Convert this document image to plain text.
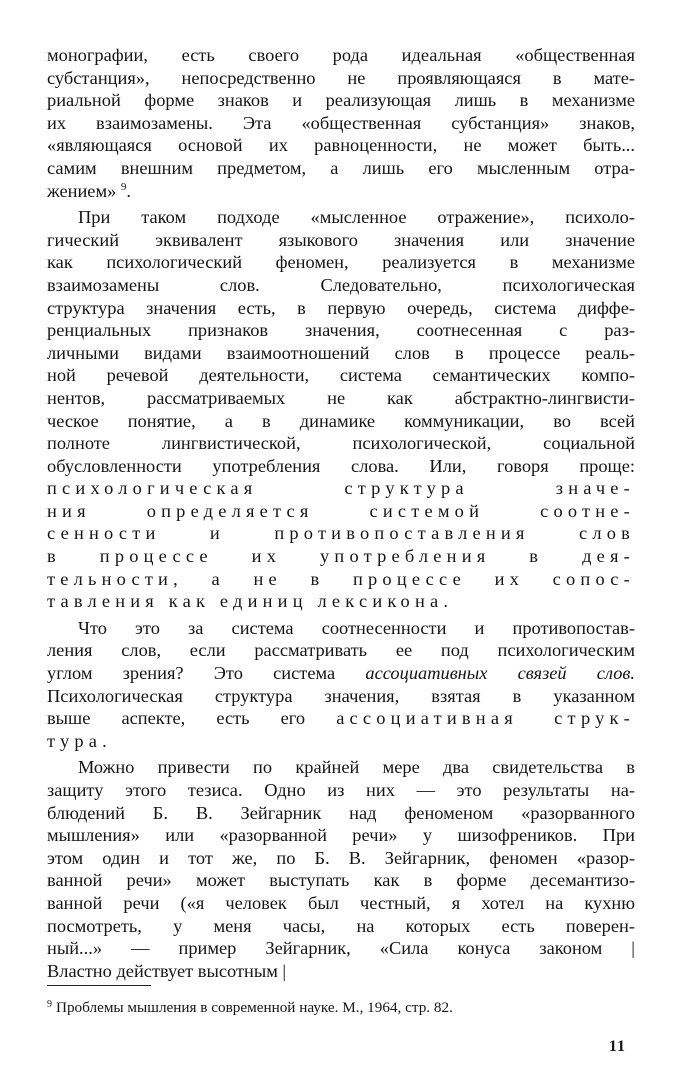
монографии, есть своего рода идеальная «общественная
субстанция», непосредственно не проявляющаяся в мате-
риальной форме знаков и реализующая лишь в механизме
их взаимозамены. Эта «общественная субстанция» знаков,
«являющаяся основой их равноценности, не может быть...
самим внешним предметом, а лишь его мысленным отра-
жением» $^9$.

При таком подходе «мысленное отражение», психоло-
гический эквивалент языкового значения или значение
как психологический феномен, реализуется в механизме
взаимозамены слов. Следовательно, психологическая
структура значения есть, в первую очередь, система диффе-
ренциальных признаков значения, соотнесенная с раз-
личными видами взаимоотношений слов в процессе реаль-
ной речевой деятельности, система семантических компо-
нентов, рассматриваемых не как абстрактно-лингвисти-
ческое понятие, а в динамике коммуникации, во всей
полноте лингвистической, психологической, социальной
обусловленности употребления слова. Или, говоря проще:
психологическая структура значе-
ния определяется системой соотне-
сенности и противопоставления слов
в процессе их употребления в дея-
тельности, а не в процессе их сопос-
тавления как единиц лексикона.

Что это за система соотнесенности и противопостав-
ления слов, если рассматривать ее под психологическим
углом зрения? Это система ассоциативных связей слов.
Психологическая структура значения, взятая в указанном
выше аспекте, есть его ассоциативная струк-
тура.

Можно привести по крайней мере два свидетельства в
защиту этого тезиса. Одно из них — это результаты на-
блюдений Б. В. Зейгарник над феноменом «разорванного
мышления» или «разорванной речи» у шизофреников. При
этом один и тот же, по Б. В. Зейгарник, феномен «разор-
ванной речи» может выступать как в форме десемантизо-
ванной речи («я человек был честный, я хотел на кухню
посмотреть, у меня часы, на которых есть поверен-
ный...» — пример Зейгарник, «Сила конуса законом |
Властно действует высотным |

$^9$ Проблемы мышления в современной науке. М., 1964, стр. 82.

11
